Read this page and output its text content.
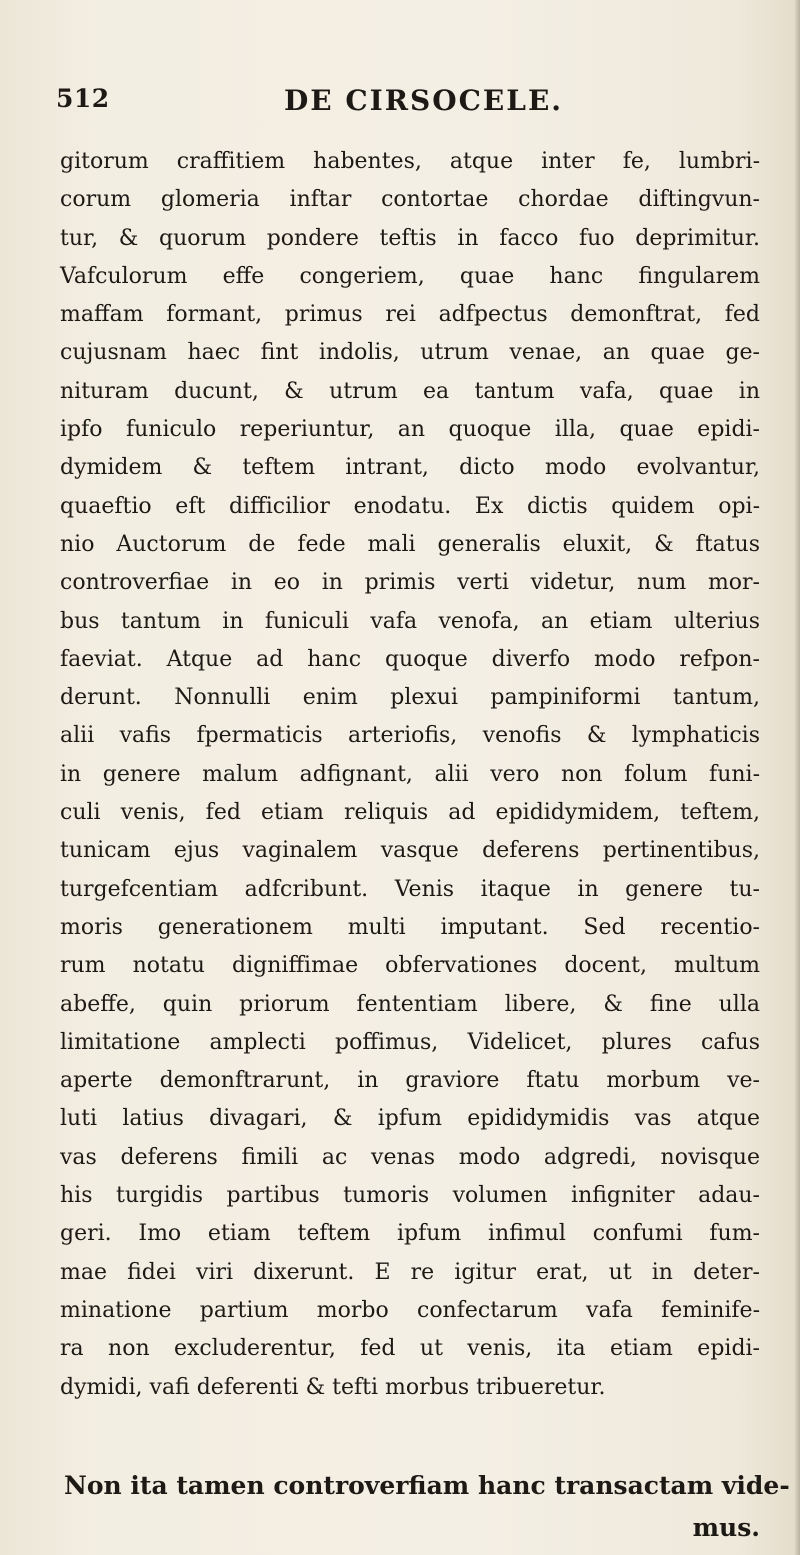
512	DE CIRSOCELE.

gitorum craffitiem habentes, atque inter fe, lumbri-
corum glomeria inftar contortae chordae diftingvun-
tur, & quorum pondere teftis in facco fuo deprimitur.
Vafculorum effe congeriem, quae hanc fingularem
maffam formant, primus rei adfpectus demonftrat, fed
cujusnam haec fint indolis, utrum venae, an quae ge-
nituram ducunt, & utrum ea tantum vafa, quae in
ipfo funiculo reperiuntur, an quoque illa, quae epidi-
dymidem & teftem intrant, dicto modo evolvantur,
quaeftio eft difficilior enodatu. Ex dictis quidem opi-
nio Auctorum de fede mali generalis eluxit, & ftatus
controverfiae in eo in primis verti videtur, num mor-
bus tantum in funiculi vafa venofa, an etiam ulterius
faeviat. Atque ad hanc quoque diverfo modo refpon-
derunt. Nonnulli enim plexui pampiniformi tantum,
alii vafis fpermaticis arteriofis, venofis & lymphaticis
in genere malum adfignant, alii vero non folum funi-
culi venis, fed etiam reliquis ad epididymidem, teftem,
tunicam ejus vaginalem vasque deferens pertinentibus,
turgefcentiam adfcribunt. Venis itaque in genere tu-
moris generationem multi imputant. Sed recentio-
rum notatu digniffimae obfervationes docent, multum
abeffe, quin priorum fententiam libere, & fine ulla
limitatione amplecti poffimus, Videlicet, plures cafus
aperte demonftrarunt, in graviore ftatu morbum ve-
luti latius divagari, & ipfum epididymidis vas atque
vas deferens fimili ac venas modo adgredi, novisque
his turgidis partibus tumoris volumen infigniter adau-
geri. Imo etiam teftem ipfum infimul confumi fum-
mae fidei viri dixerunt. E re igitur erat, ut in deter-
minatione partium morbo confectarum vafa feminife-
ra non excluderentur, fed ut venis, ita etiam epidi-
dymidi, vafi deferenti & tefti morbus tribueretur.

Non ita tamen controverfiam hanc transactam vide-
mus.
